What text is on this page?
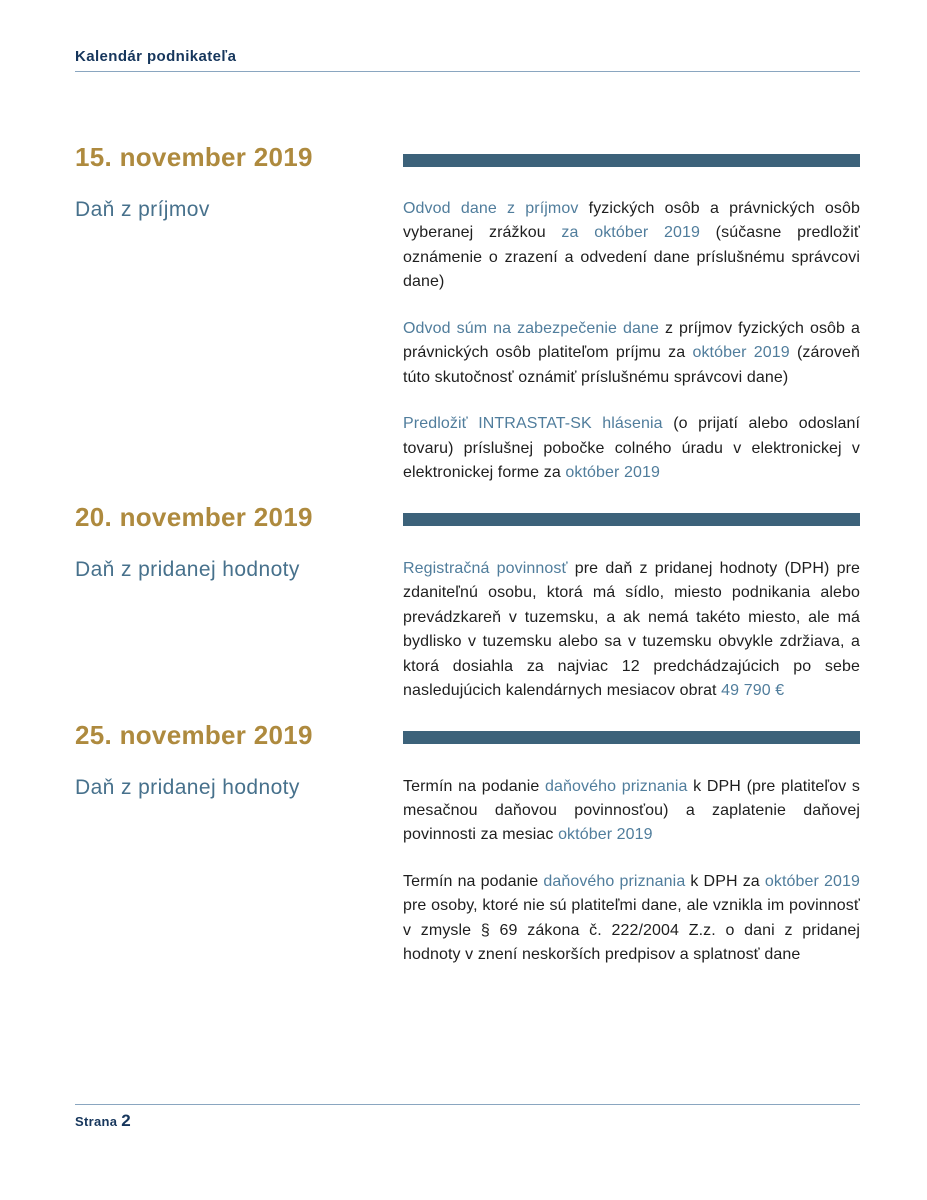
Kalendár podnikateľa
15. november 2019
Daň z príjmov	Odvod dane z príjmov fyzických osôb a právnických osôb vyberanej zrážkou za október 2019 (súčasne predložiť oznámenie o zrazení a odvedení dane príslušnému správcovi dane)

Odvod súm na zabezpečenie dane z príjmov fyzických osôb a právnických osôb platiteľom príjmu za október 2019 (zároveň túto skutočnosť oznámiť príslušnému správcovi dane)

Predložiť INTRASTAT-SK hlásenia (o prijatí alebo odoslaní tovaru) príslušnej pobočke colného úradu v elektronickej v elektronickej forme za október 2019

20. november 2019
Daň z pridanej hodnoty	Registračná povinnosť pre daň z pridanej hodnoty (DPH) pre zdaniteľnú osobu, ktorá má sídlo, miesto podnikania alebo prevádzkareň v tuzemsku, a ak nemá takéto miesto, ale má bydlisko v tuzemsku alebo sa v tuzemsku obvykle zdržiava, a ktorá dosiahla za najviac 12 predchádzajúcich po sebe nasledujúcich kalendárnych mesiacov obrat 49 790 €

25. november 2019
Daň z pridanej hodnoty	Termín na podanie daňového priznania k DPH (pre platiteľov s mesačnou daňovou povinnosťou) a zaplatenie daňovej povinnosti za mesiac október 2019

Termín na podanie daňového priznania k DPH za október 2019 pre osoby, ktoré nie sú platiteľmi dane, ale vznikla im povinnosť v zmysle § 69 zákona č. 222/2004 Z.z. o dani z pridanej hodnoty v znení neskorších predpisov a splatnosť dane

Strana 2
